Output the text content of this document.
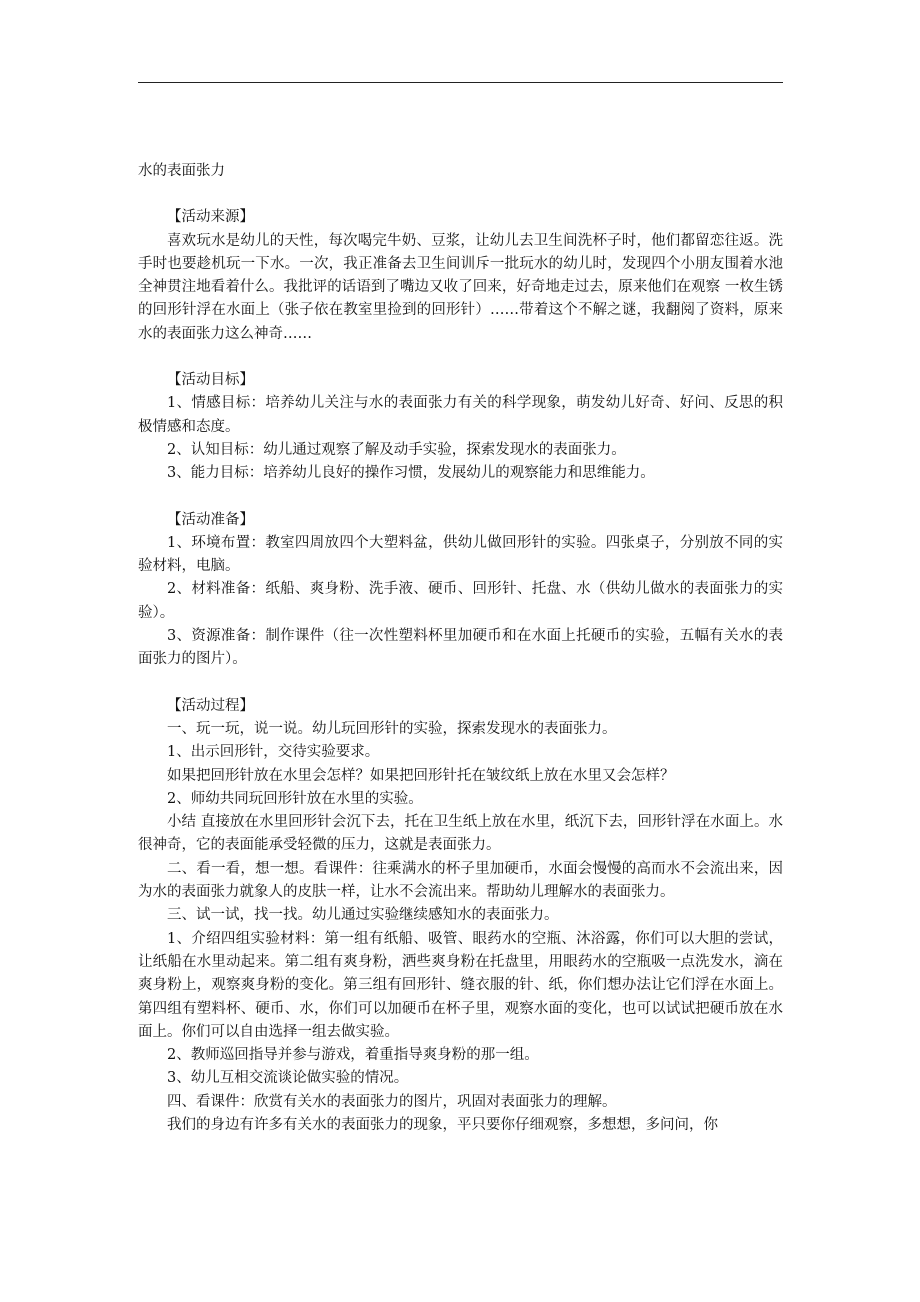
水的表面张力

【活动来源】

喜欢玩水是幼儿的天性，每次喝完牛奶、豆浆，让幼儿去卫生间洗杯子时，他们都留恋往返。洗手时也要趁机玩一下水。一次，我正准备去卫生间训斥一批玩水的幼儿时，发现四个小朋友围着水池全神贯注地看着什么。我批评的话语到了嘴边又收了回来，好奇地走过去，原来他们在观察 一枚生锈的回形针浮在水面上（张子依在教室里捡到的回形针）……带着这个不解之谜，我翻阅了资料，原来水的表面张力这么神奇……

【活动目标】

1、情感目标：培养幼儿关注与水的表面张力有关的科学现象，萌发幼儿好奇、好问、反思的积极情感和态度。

2、认知目标：幼儿通过观察了解及动手实验，探索发现水的表面张力。

3、能力目标：培养幼儿良好的操作习惯，发展幼儿的观察能力和思维能力。

【活动准备】

1、环境布置：教室四周放四个大塑料盆，供幼儿做回形针的实验。四张桌子，分别放不同的实验材料，电脑。

2、材料准备：纸船、爽身粉、洗手液、硬币、回形针、托盘、水（供幼儿做水的表面张力的实验）。

3、资源准备：制作课件（往一次性塑料杯里加硬币和在水面上托硬币的实验，五幅有关水的表面张力的图片）。

【活动过程】

一、玩一玩，说一说。幼儿玩回形针的实验，探索发现水的表面张力。

1、出示回形针，交待实验要求。

如果把回形针放在水里会怎样？如果把回形针托在皱纹纸上放在水里又会怎样？

2、师幼共同玩回形针放在水里的实验。

小结 直接放在水里回形针会沉下去，托在卫生纸上放在水里，纸沉下去，回形针浮在水面上。水很神奇，它的表面能承受轻微的压力，这就是表面张力。

二、看一看，想一想。看课件：往乘满水的杯子里加硬币，水面会慢慢的高而水不会流出来，因为水的表面张力就象人的皮肤一样，让水不会流出来。帮助幼儿理解水的表面张力。

三、试一试，找一找。幼儿通过实验继续感知水的表面张力。

1、介绍四组实验材料：第一组有纸船、吸管、眼药水的空瓶、沐浴露，你们可以大胆的尝试，让纸船在水里动起来。第二组有爽身粉，洒些爽身粉在托盘里，用眼药水的空瓶吸一点洗发水，滴在爽身粉上，观察爽身粉的变化。第三组有回形针、缝衣服的针、纸，你们想办法让它们浮在水面上。第四组有塑料杯、硬币、水，你们可以加硬币在杯子里，观察水面的变化，也可以试试把硬币放在水面上。你们可以自由选择一组去做实验。

2、教师巡回指导并参与游戏，着重指导爽身粉的那一组。

3、幼儿互相交流谈论做实验的情况。

四、看课件：欣赏有关水的表面张力的图片，巩固对表面张力的理解。

我们的身边有许多有关水的表面张力的现象，平只要你仔细观察，多想想，多问问，你
